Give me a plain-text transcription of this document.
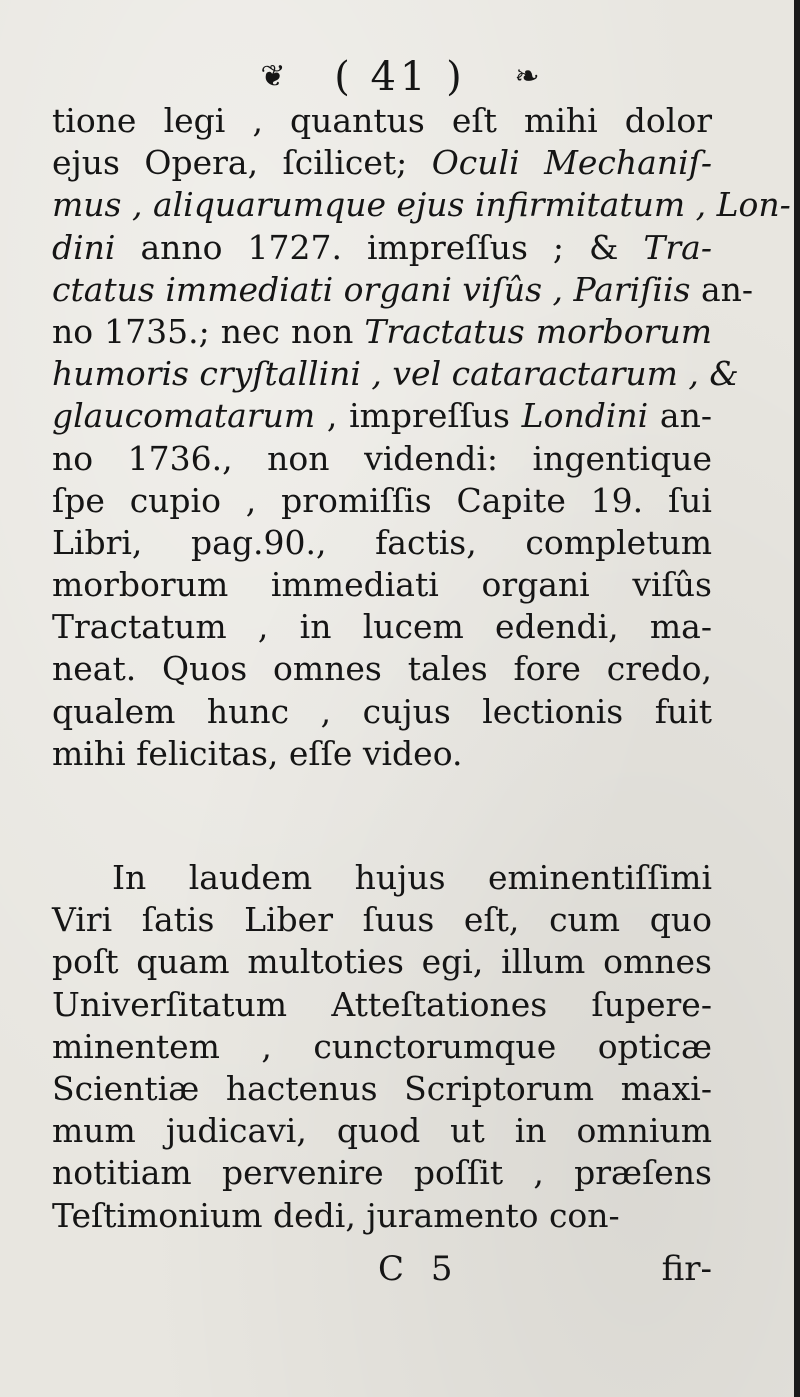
❦ ( 41 ) ❧
tione legi , quantus eſt mihi dolor
ejus Opera, ſcilicet; Oculi Mechaniſ-
mus , aliquarumque ejus infirmitatum , Lon-
dini anno 1727. impreſſus ; & Tra-
ctatus immediati organi viſûs , Pariſiis an-
no 1735.; nec non Tractatus morborum
humoris cryſtallini , vel cataractarum , &
glaucomatarum , impreſſus Londini an-
no 1736., non videndi: ingentique
ſpe cupio , promiſſis Capite 19. ſui
Libri, pag.90., factis, completum
morborum immediati organi viſûs
Tractatum , in lucem edendi, ma-
neat. Quos omnes tales fore credo,
qualem hunc , cujus lectionis fuit
mihi felicitas, eſſe video.
In laudem hujus eminentiſſimi
Viri ſatis Liber ſuus eſt, cum quo
poſt quam multoties egi, illum omnes
Univerſitatum Atteſtationes ſupere-
minentem , cunctorumque opticæ
Scientiæ hactenus Scriptorum maxi-
mum judicavi, quod ut in omnium
notitiam pervenire poſſit , præſens
Teſtimonium dedi, juramento con-
C 5	fir-
